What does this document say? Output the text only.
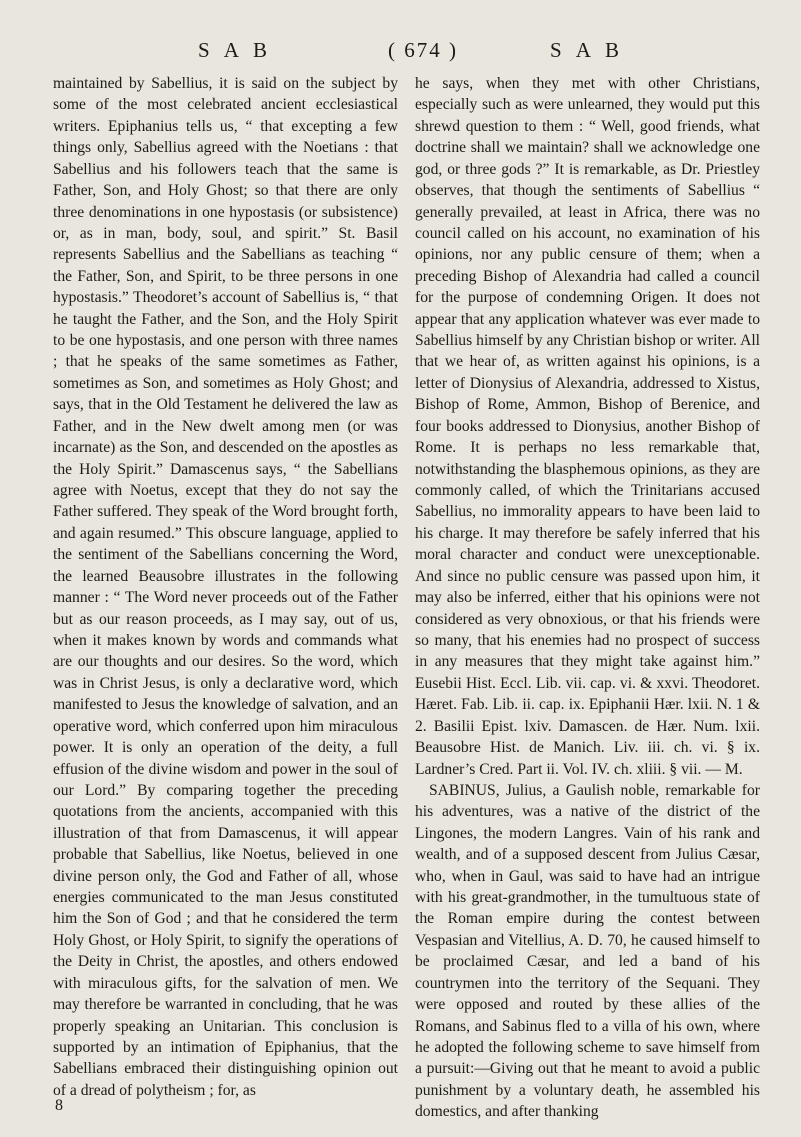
S A B	( 674 )	S A B

maintained by Sabellius, it is said on the subject by some of the most celebrated ancient ecclesiastical writers. Epiphanius tells us, “ that excepting a few things only, Sabellius agreed with the Noetians : that Sabellius and his followers teach that the same is Father, Son, and Holy Ghost; so that there are only three denominations in one hypostasis (or subsistence) or, as in man, body, soul, and spirit.” St. Basil represents Sabellius and the Sabellians as teaching “ the Father, Son, and Spirit, to be three persons in one hypostasis.” Theodoret’s account of Sabellius is, “ that he taught the Father, and the Son, and the Holy Spirit to be one hypostasis, and one person with three names ; that he speaks of the same sometimes as Father, sometimes as Son, and sometimes as Holy Ghost; and says, that in the Old Testament he delivered the law as Father, and in the New dwelt among men (or was incarnate) as the Son, and descended on the apostles as the Holy Spirit.” Damascenus says, “ the Sabellians agree with Noetus, except that they do not say the Father suffered. They speak of the Word brought forth, and again resumed.” This obscure language, applied to the sentiment of the Sabellians concerning the Word, the learned Beausobre illustrates in the following manner : “ The Word never proceeds out of the Father but as our reason proceeds, as I may say, out of us, when it makes known by words and commands what are our thoughts and our desires. So the word, which was in Christ Jesus, is only a declarative word, which manifested to Jesus the knowledge of salvation, and an operative word, which conferred upon him miraculous power. It is only an operation of the deity, a full effusion of the divine wisdom and power in the soul of our Lord.” By comparing together the preceding quotations from the ancients, accompanied with this illustration of that from Damascenus, it will appear probable that Sabellius, like Noetus, believed in one divine person only, the God and Father of all, whose energies communicated to the man Jesus constituted him the Son of God ; and that he considered the term Holy Ghost, or Holy Spirit, to signify the operations of the Deity in Christ, the apostles, and others endowed with miraculous gifts, for the salvation of men. We may therefore be warranted in concluding, that he was properly speaking an Unitarian. This conclusion is supported by an intimation of Epiphanius, that the Sabellians embraced their distinguishing opinion out of a dread of polytheism ; for, as

he says, when they met with other Christians, especially such as were unlearned, they would put this shrewd question to them : “ Well, good friends, what doctrine shall we maintain? shall we acknowledge one god, or three gods ?” It is remarkable, as Dr. Priestley observes, that though the sentiments of Sabellius “ generally prevailed, at least in Africa, there was no council called on his account, no examination of his opinions, nor any public censure of them; when a preceding Bishop of Alexandria had called a council for the purpose of condemning Origen. It does not appear that any application whatever was ever made to Sabellius himself by any Christian bishop or writer. All that we hear of, as written against his opinions, is a letter of Dionysius of Alexandria, addressed to Xistus, Bishop of Rome, Ammon, Bishop of Berenice, and four books addressed to Dionysius, another Bishop of Rome. It is perhaps no less remarkable that, notwithstanding the blasphemous opinions, as they are commonly called, of which the Trinitarians accused Sabellius, no immorality appears to have been laid to his charge. It may therefore be safely inferred that his moral character and conduct were unexceptionable. And since no public censure was passed upon him, it may also be inferred, either that his opinions were not considered as very obnoxious, or that his friends were so many, that his enemies had no prospect of success in any measures that they might take against him.” Eusebii Hist. Eccl. Lib. vii. cap. vi. & xxvi. Theodoret. Hæret. Fab. Lib. ii. cap. ix. Epiphanii Hær. lxii. N. 1 & 2. Basilii Epist. lxiv. Damascen. de Hær. Num. lxii. Beausobre Hist. de Manich. Liv. iii. ch. vi. § ix. Lardner’s Cred. Part ii. Vol. IV. ch. xliii. § vii. — M.

SABINUS, Julius, a Gaulish noble, remarkable for his adventures, was a native of the district of the Lingones, the modern Langres. Vain of his rank and wealth, and of a supposed descent from Julius Cæsar, who, when in Gaul, was said to have had an intrigue with his great-grandmother, in the tumultuous state of the Roman empire during the contest between Vespasian and Vitellius, A. D. 70, he caused himself to be proclaimed Cæsar, and led a band of his countrymen into the territory of the Sequani. They were opposed and routed by these allies of the Romans, and Sabinus fled to a villa of his own, where he adopted the following scheme to save himself from a pursuit:—Giving out that he meant to avoid a public punishment by a voluntary death, he assembled his domestics, and after thanking

8
